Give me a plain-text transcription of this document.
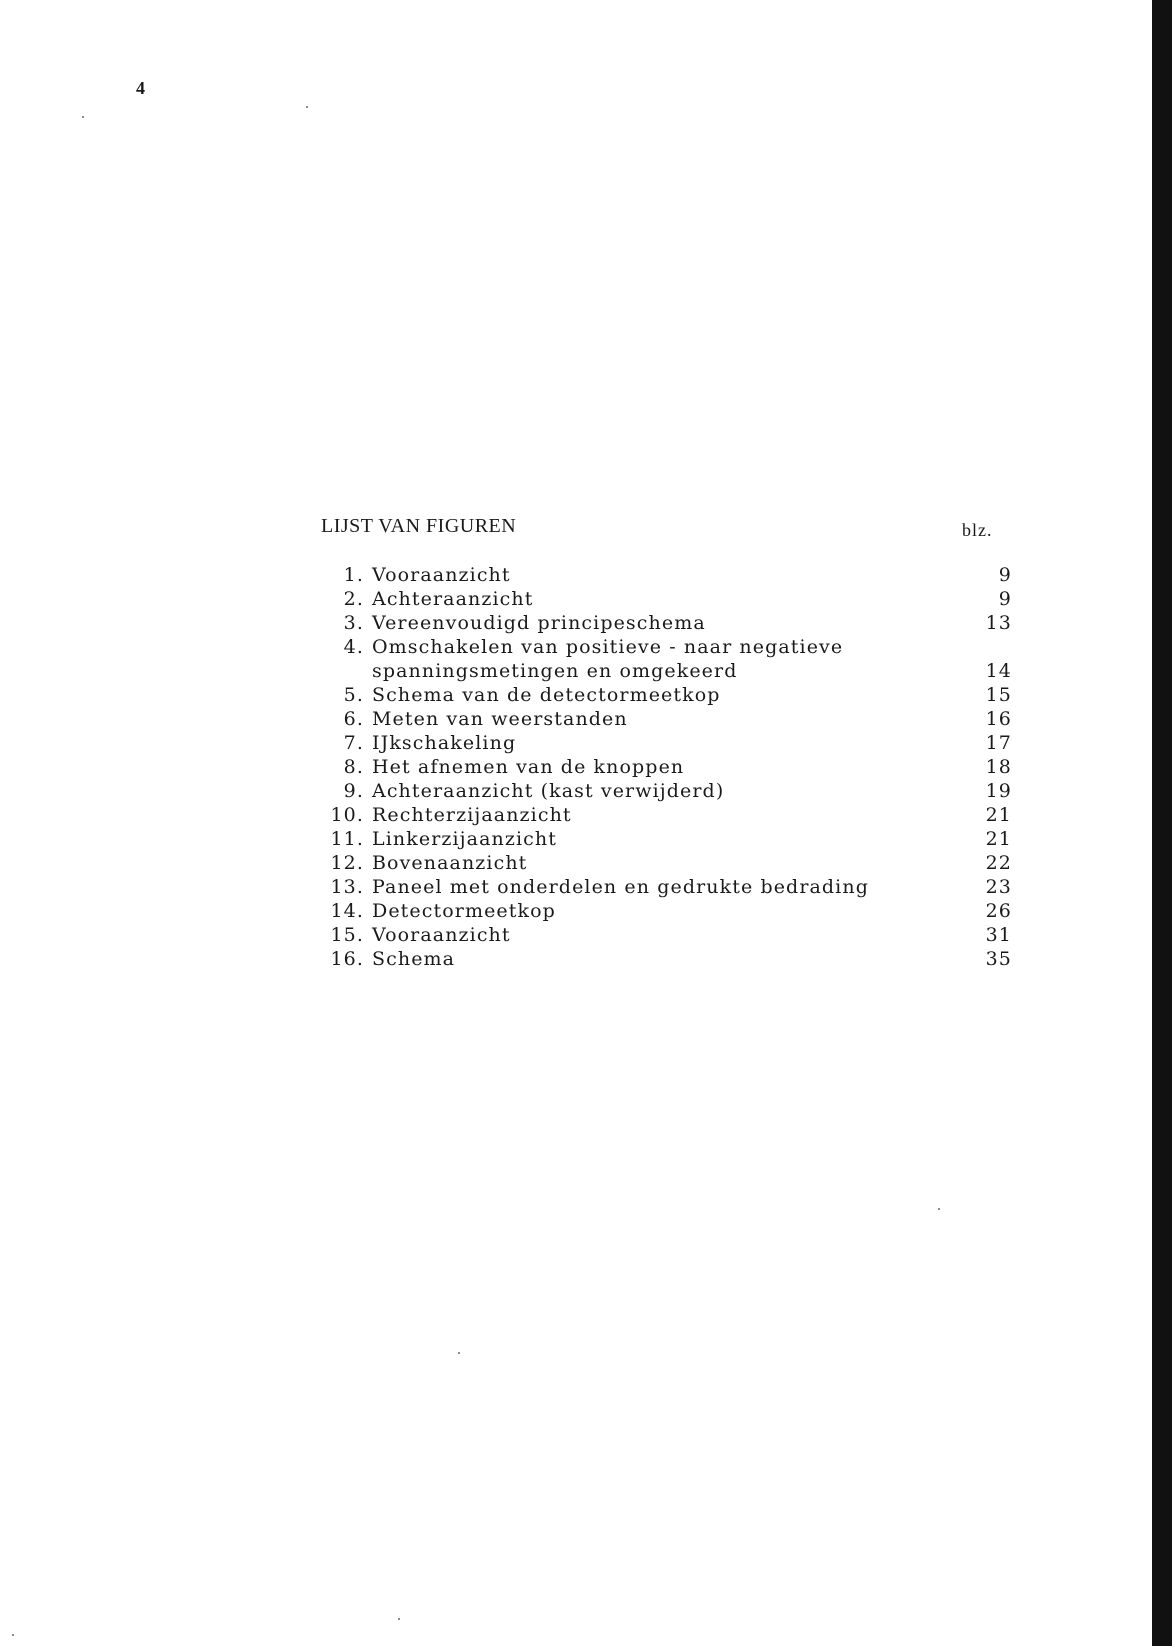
4
LIJST VAN FIGUREN	blz.
1. Vooraanzicht	9
2. Achteraanzicht	9
3. Vereenvoudigd principeschema	13
4. Omschakelen van positieve - naar negatieve
spanningsmetingen en omgekeerd	14
5. Schema van de detectormeetkop	15
6. Meten van weerstanden	16
7. IJkschakeling	17
8. Het afnemen van de knoppen	18
9. Achteraanzicht (kast verwijderd)	19
10. Rechterzijaanzicht	21
11. Linkerzijaanzicht	21
12. Bovenaanzicht	22
13. Paneel met onderdelen en gedrukte bedrading	23
14. Detectormeetkop	26
15. Vooraanzicht	31
16. Schema	35
